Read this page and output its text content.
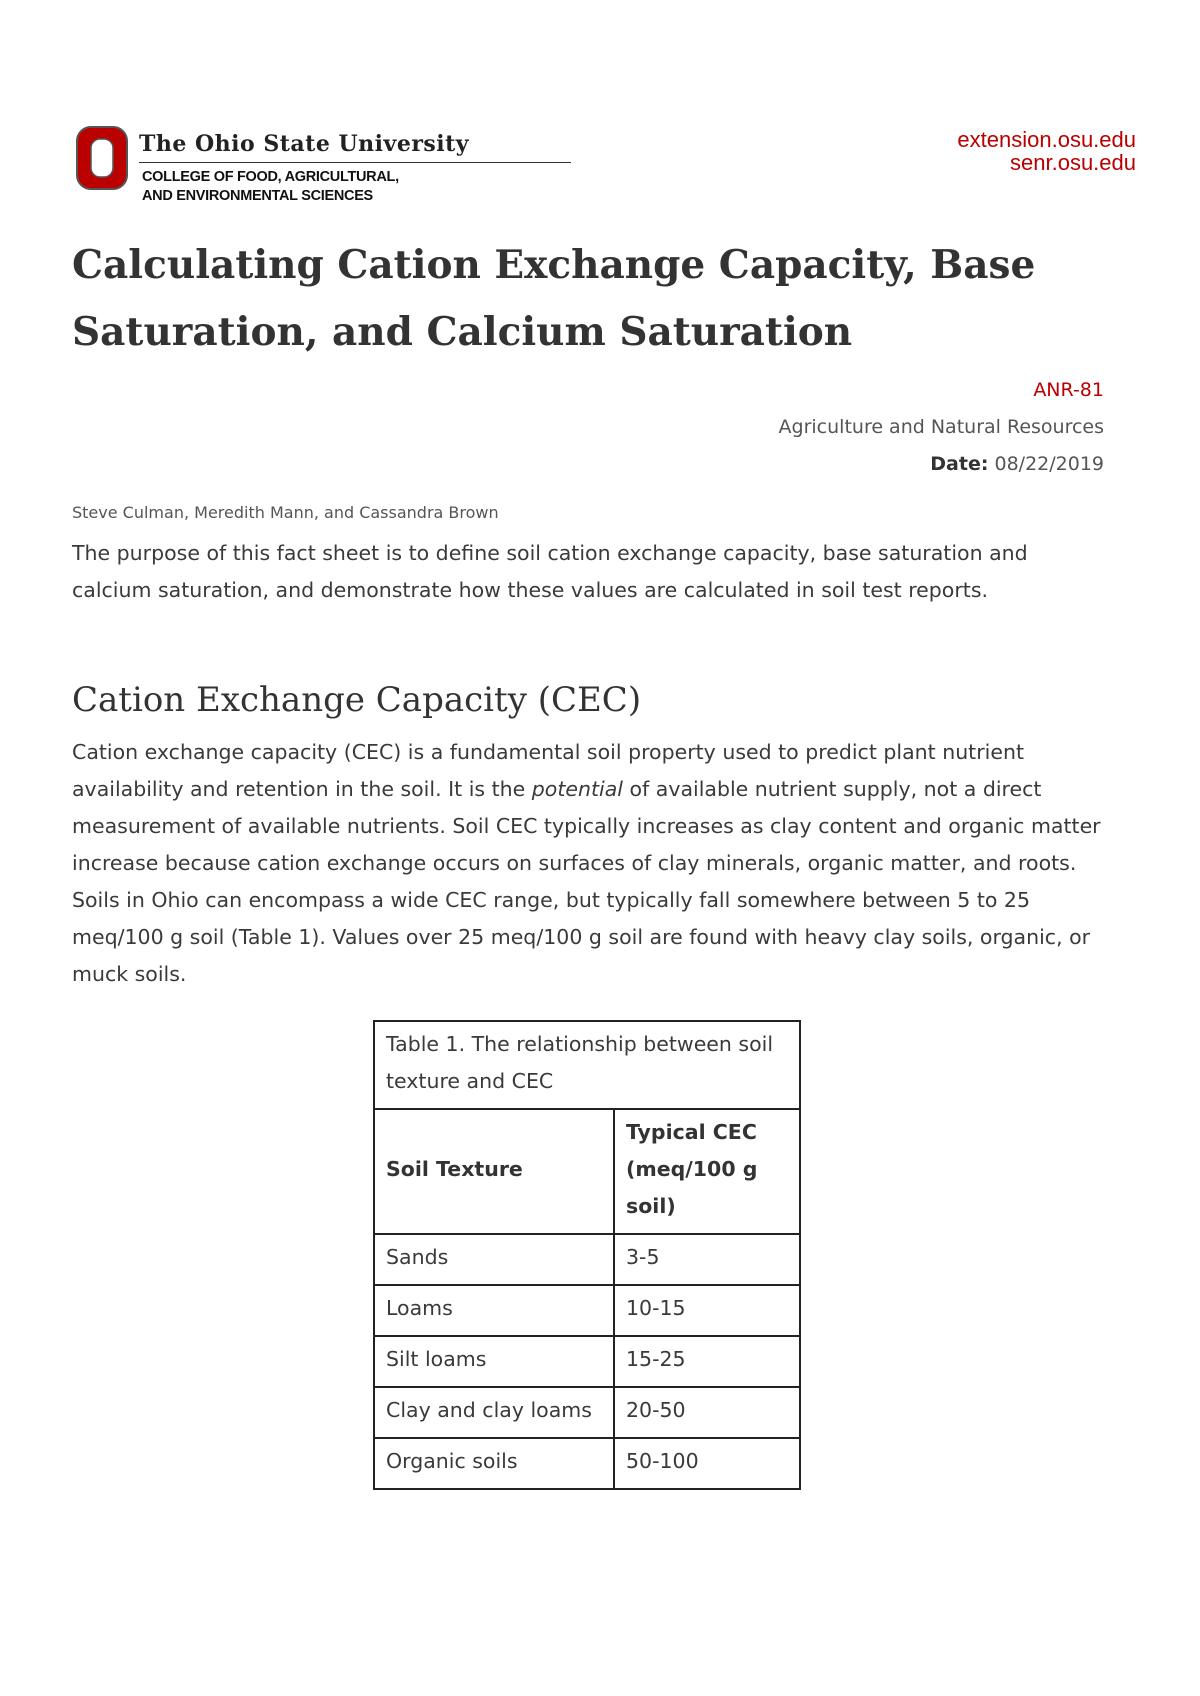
The Ohio State University
COLLEGE OF FOOD, AGRICULTURAL,
AND ENVIRONMENTAL SCIENCES
extension.osu.edu
senr.osu.edu
Calculating Cation Exchange Capacity, Base Saturation, and Calcium Saturation
ANR-81
Agriculture and Natural Resources
Date: 08/22/2019
Steve Culman, Meredith Mann, and Cassandra Brown

The purpose of this fact sheet is to define soil cation exchange capacity, base saturation and calcium saturation, and demonstrate how these values are calculated in soil test reports.

Cation Exchange Capacity (CEC)

Cation exchange capacity (CEC) is a fundamental soil property used to predict plant nutrient availability and retention in the soil. It is the potential of available nutrient supply, not a direct measurement of available nutrients. Soil CEC typically increases as clay content and organic matter increase because cation exchange occurs on surfaces of clay minerals, organic matter, and roots. Soils in Ohio can encompass a wide CEC range, but typically fall somewhere between 5 to 25 meq/100 g soil (Table 1). Values over 25 meq/100 g soil are found with heavy clay soils, organic, or muck soils.

Table 1. The relationship between soil texture and CEC	
Soil Texture	Typical CEC (meq/100 g soil)
Sands	3-5
Loams	10-15
Silt loams	15-25
Clay and clay loams	20-50
Organic soils	50-100
